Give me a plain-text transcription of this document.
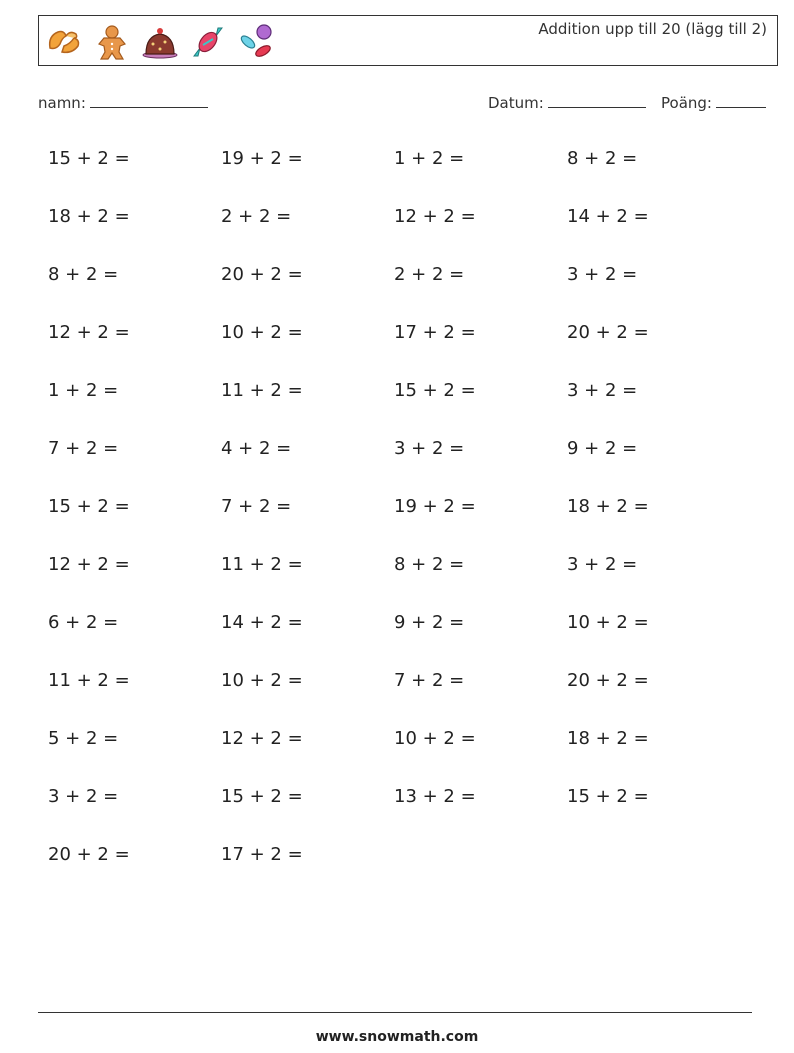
Addition upp till 20 (lägg till 2)
namn:	Datum:	Poäng:
15 + 2 =	19 + 2 =	1 + 2 =	8 + 2 =
18 + 2 =	2 + 2 =	12 + 2 =	14 + 2 =
8 + 2 =	20 + 2 =	2 + 2 =	3 + 2 =
12 + 2 =	10 + 2 =	17 + 2 =	20 + 2 =
1 + 2 =	11 + 2 =	15 + 2 =	3 + 2 =
7 + 2 =	4 + 2 =	3 + 2 =	9 + 2 =
15 + 2 =	7 + 2 =	19 + 2 =	18 + 2 =
12 + 2 =	11 + 2 =	8 + 2 =	3 + 2 =
6 + 2 =	14 + 2 =	9 + 2 =	10 + 2 =
11 + 2 =	10 + 2 =	7 + 2 =	20 + 2 =
5 + 2 =	12 + 2 =	10 + 2 =	18 + 2 =
3 + 2 =	15 + 2 =	13 + 2 =	15 + 2 =
20 + 2 =	17 + 2 =
www.snowmath.com
